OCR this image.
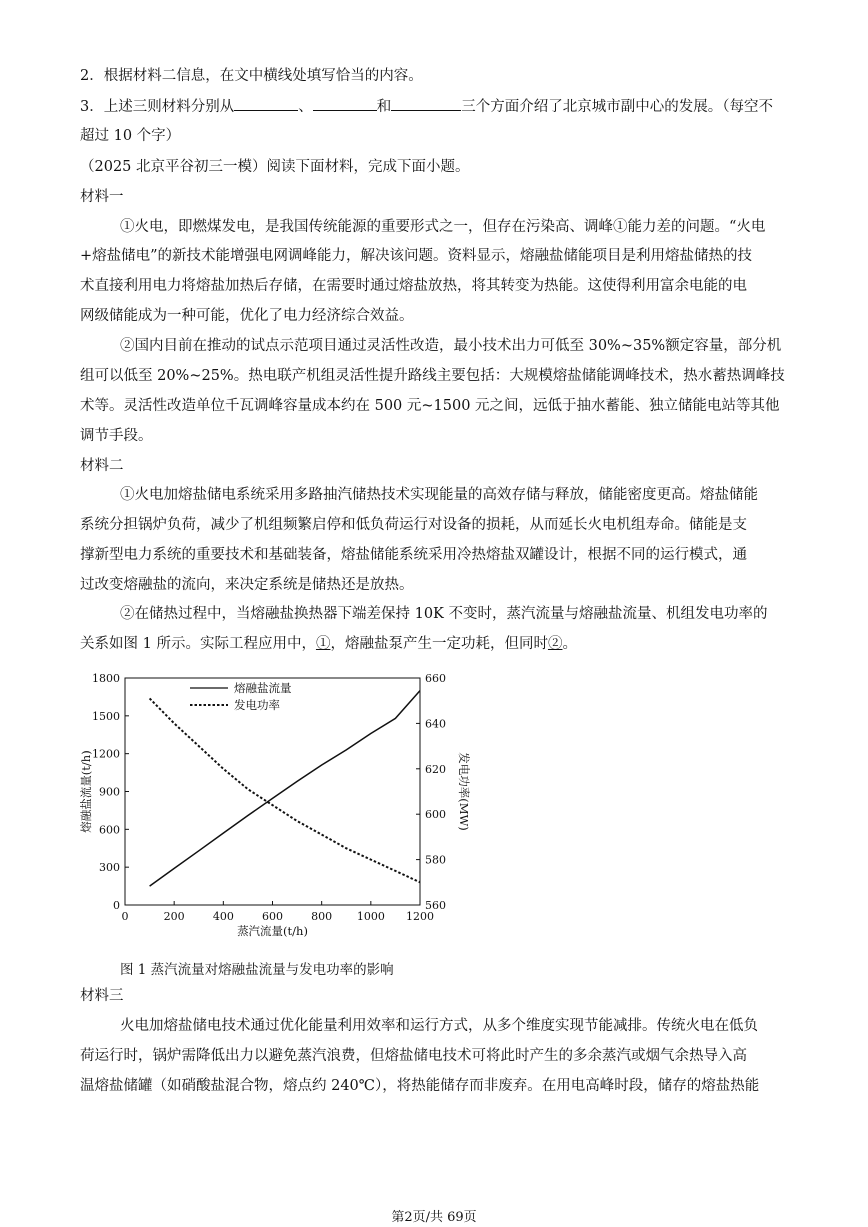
2．根据材料二信息，在文中横线处填写恰当的内容。
3．上述三则材料分别从	、	和	三个方面介绍了北京城市副中心的发展。（每空不
超过 10 个字）
（2025 北京平谷初三一模）阅读下面材料，完成下面小题。
材料一
①火电，即燃煤发电，是我国传统能源的重要形式之一，但存在污染高、调峰①能力差的问题。“火电
+熔盐储电”的新技术能增强电网调峰能力，解决该问题。资料显示，熔融盐储能项目是利用熔盐储热的技
术直接利用电力将熔盐加热后存储，在需要时通过熔盐放热，将其转变为热能。这使得利用富余电能的电
网级储能成为一种可能，优化了电力经济综合效益。
②国内目前在推动的试点示范项目通过灵活性改造，最小技术出力可低至 30%~35%额定容量，部分机
组可以低至 20%~25%。热电联产机组灵活性提升路线主要包括：大规模熔盐储能调峰技术，热水蓄热调峰技
术等。灵活性改造单位千瓦调峰容量成本约在 500 元~1500 元之间，远低于抽水蓄能、独立储能电站等其他
调节手段。
材料二
①火电加熔盐储电系统采用多路抽汽储热技术实现能量的高效存储与释放，储能密度更高。熔盐储能
系统分担锅炉负荷，减少了机组频繁启停和低负荷运行对设备的损耗，从而延长火电机组寿命。储能是支
撑新型电力系统的重要技术和基础装备，熔盐储能系统采用冷热熔盐双罐设计，根据不同的运行模式，通
过改变熔融盐的流向，来决定系统是储热还是放热。
②在储热过程中，当熔融盐换热器下端差保持 10K 不变时，蒸汽流量与熔融盐流量、机组发电功率的
关系如图 1 所示。实际工程应用中，①，熔融盐泵产生一定功耗，但同时②。
0	200	400	600	800 1000 1200
0
300
600
900
1200
1500
1800
560
580
600
620
640
660
蒸汽流量(t/h)
熔融盐流量(t/h)	发电功率(MW)
熔融盐流量
发电功率
图 1 蒸汽流量对熔融盐流量与发电功率的影响
材料三
火电加熔盐储电技术通过优化能量利用效率和运行方式，从多个维度实现节能减排。传统火电在低负
荷运行时，锅炉需降低出力以避免蒸汽浪费，但熔盐储电技术可将此时产生的多余蒸汽或烟气余热导入高
温熔盐储罐（如硝酸盐混合物，熔点约 240℃），将热能储存而非废弃。在用电高峰时段，储存的熔盐热能
第2页/共 69页
